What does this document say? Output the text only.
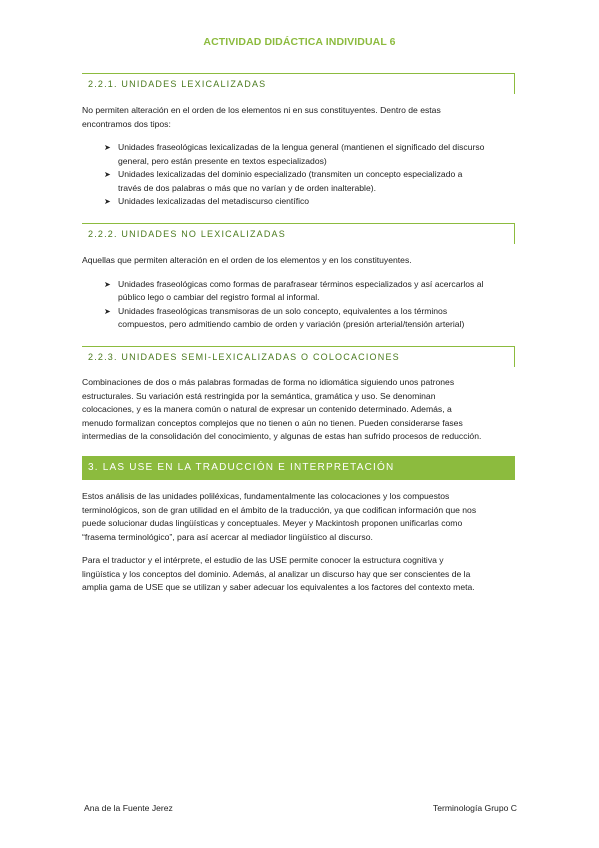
ACTIVIDAD DIDÁCTICA INDIVIDUAL 6
2.2.1. UNIDADES LEXICALIZADAS

No permiten alteración en el orden de los elementos ni en sus constituyentes. Dentro de estas

encontramos dos tipos:

➤ Unidades fraseológicas lexicalizadas de la lengua general (mantienen el significado del discurso
general, pero están presente en textos especializados)
➤ Unidades lexicalizadas del dominio especializado (transmiten un concepto especializado a
través de dos palabras o más que no varían y de orden inalterable).
➤ Unidades lexicalizadas del metadiscurso científico
2.2.2. UNIDADES NO LEXICALIZADAS

Aquellas que permiten alteración en el orden de los elementos y en los constituyentes.

➤ Unidades fraseológicas como formas de parafrasear términos especializados y así acercarlos al
público lego o cambiar del registro formal al informal.
➤ Unidades fraseológicas transmisoras de un solo concepto, equivalentes a los términos
compuestos, pero admitiendo cambio de orden y variación (presión arterial/tensión arterial)
2.2.3. UNIDADES SEMI-LEXICALIZADAS O COLOCACIONES

Combinaciones de dos o más palabras formadas de forma no idiomática siguiendo unos patrones

estructurales. Su variación está restringida por la semántica, gramática y uso. Se denominan

colocaciones, y es la manera común o natural de expresar un contenido determinado. Además, a

menudo formalizan conceptos complejos que no tienen o aún no tienen. Pueden considerarse fases

intermedias de la consolidación del conocimiento, y algunas de estas han sufrido procesos de reducción.

3. LAS USE EN LA TRADUCCIÓN E INTERPRETACIÓN

Estos análisis de las unidades poliléxicas, fundamentalmente las colocaciones y los compuestos

terminológicos, son de gran utilidad en el ámbito de la traducción, ya que codifican información que nos

puede solucionar dudas lingüísticas y conceptuales. Meyer y Mackintosh proponen unificarlas como

“frasema terminológico”, para así acercar al mediador lingüístico al discurso.

Para el traductor y el intérprete, el estudio de las USE permite conocer la estructura cognitiva y

lingüística y los conceptos del dominio. Además, al analizar un discurso hay que ser conscientes de la

amplia gama de USE que se utilizan y saber adecuar los equivalentes a los factores del contexto meta.

Ana de la Fuente Jerez	Terminología Grupo C
